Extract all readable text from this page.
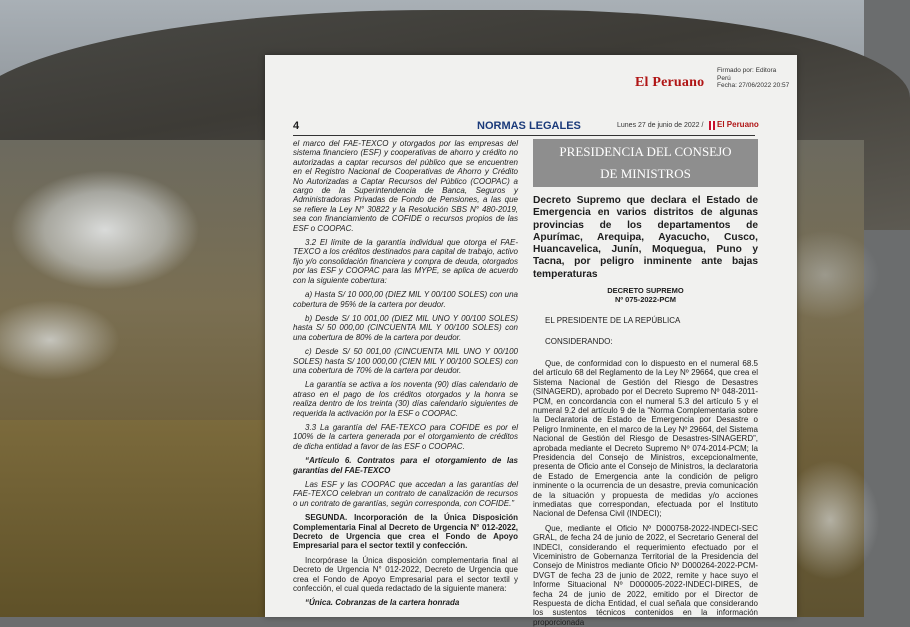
El Peruano
Firmado por: Editora
Perú
Fecha: 27/06/2022 20:57
4	NORMAS LEGALES	Lunes 27 de junio de 2022 / El Peruano

el marco del FAE-TEXCO y otorgados por las empresas del sistema financiero (ESF) y cooperativas de ahorro y crédito no autorizadas a captar recursos del público que se encuentren en el Registro Nacional de Cooperativas de Ahorro y Crédito No Autorizadas a Captar Recursos del Público (COOPAC) a cargo de la Superintendencia de Banca, Seguros y Administradoras Privadas de Fondo de Pensiones, a las que se refiere la Ley N° 30822 y la Resolución SBS N° 480-2019, sea con financiamiento de COFIDE o recursos propios de las ESF o COOPAC.

3.2 El límite de la garantía individual que otorga el FAE-TEXCO a los créditos destinados para capital de trabajo, activo fijo y/o consolidación financiera y compra de deuda, otorgados por las ESF y COOPAC para las MYPE, se aplica de acuerdo con la siguiente cobertura:

a) Hasta S/ 10 000,00 (DIEZ MIL Y 00/100 SOLES) con una cobertura de 95% de la cartera por deudor.

b) Desde S/ 10 001,00 (DIEZ MIL UNO Y 00/100 SOLES) hasta S/ 50 000,00 (CINCUENTA MIL Y 00/100 SOLES) con una cobertura de 80% de la cartera por deudor.

c) Desde S/ 50 001,00 (CINCUENTA MIL UNO Y 00/100 SOLES) hasta S/ 100 000,00 (CIEN MIL Y 00/100 SOLES) con una cobertura de 70% de la cartera por deudor.

La garantía se activa a los noventa (90) días calendario de atraso en el pago de los créditos otorgados y la honra se realiza dentro de los treinta (30) días calendario siguientes de requerida la activación por la ESF o COOPAC.

3.3 La garantía del FAE-TEXCO para COFIDE es por el 100% de la cartera generada por el otorgamiento de créditos de dicha entidad a favor de las ESF o COOPAC.

“Artículo 6. Contratos para el otorgamiento de las garantías del FAE-TEXCO

Las ESF y las COOPAC que accedan a las garantías del FAE-TEXCO celebran un contrato de canalización de recursos o un contrato de garantías, según corresponda, con COFIDE.”

SEGUNDA. Incorporación de la Única Disposición Complementaria Final al Decreto de Urgencia N° 012-2022, Decreto de Urgencia que crea el Fondo de Apoyo Empresarial para el sector textil y confección.

Incorpórase la Única disposición complementaria final al Decreto de Urgencia N° 012-2022, Decreto de Urgencia que crea el Fondo de Apoyo Empresarial para el sector textil y confección, el cual queda redactado de la siguiente manera:

“Única. Cobranzas de la cartera honrada

PRESIDENCIA DEL CONSEJO
DE MINISTROS

Decreto Supremo que declara el Estado de Emergencia en varios distritos de algunas provincias de los departamentos de Apurímac, Arequipa, Ayacucho, Cusco, Huancavelica, Junín, Moquegua, Puno y Tacna, por peligro inminente ante bajas temperaturas

DECRETO SUPREMO
Nº 075-2022-PCM

EL PRESIDENTE DE LA REPÚBLICA

CONSIDERANDO:

Que, de conformidad con lo dispuesto en el numeral 68.5 del artículo 68 del Reglamento de la Ley Nº 29664, que crea el Sistema Nacional de Gestión del Riesgo de Desastres (SINAGERD), aprobado por el Decreto Supremo Nº 048-2011-PCM, en concordancia con el numeral 5.3 del artículo 5 y el numeral 9.2 del artículo 9 de la “Norma Complementaria sobre la Declaratoria de Estado de Emergencia por Desastre o Peligro Inminente, en el marco de la Ley Nº 29664, del Sistema Nacional de Gestión del Riesgo de Desastres-SINAGERD”, aprobada mediante el Decreto Supremo Nº 074-2014-PCM; la Presidencia del Consejo de Ministros, excepcionalmente, presenta de Oficio ante el Consejo de Ministros, la declaratoria de Estado de Emergencia ante la condición de peligro inminente o la ocurrencia de un desastre, previa comunicación de la situación y propuesta de medidas y/o acciones inmediatas que correspondan, efectuada por el Instituto Nacional de Defensa Civil (INDECI);

Que, mediante el Oficio Nº D000758-2022-INDECI-SEC GRAL, de fecha 24 de junio de 2022, el Secretario General del INDECI, considerando el requerimiento efectuado por el Viceministro de Gobernanza Territorial de la Presidencia del Consejo de Ministros mediante Oficio Nº D000264-2022-PCM-DVGT de fecha 23 de junio de 2022, remite y hace suyo el Informe Situacional Nº D000005-2022-INDECI-DIRES, de fecha 24 de junio de 2022, emitido por el Director de Respuesta de dicha Entidad, el cual señala que considerando los sustentos técnicos contenidos en la información proporcionada
